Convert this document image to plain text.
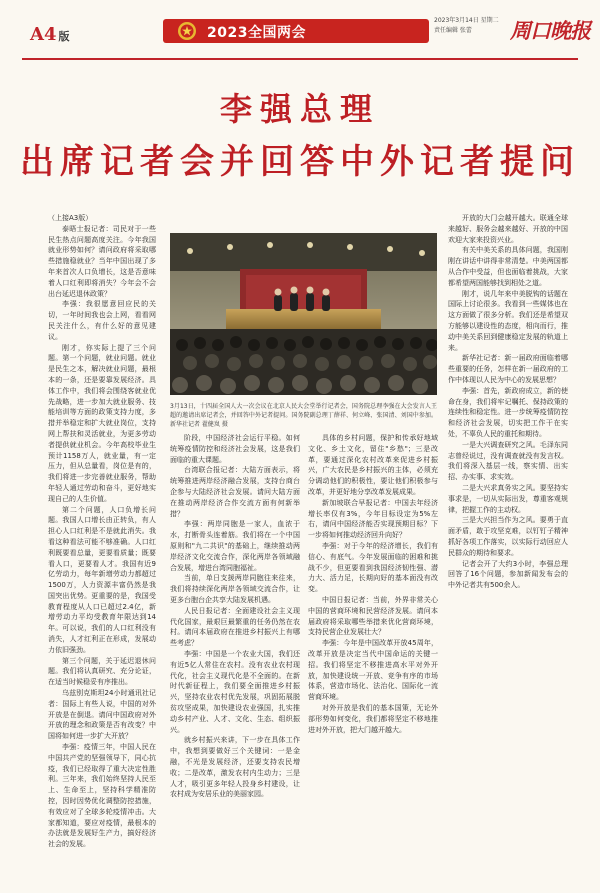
A4 版	2023全国两会
2023年3月14日 星期二
责任编辑 张蕾	周口晚报
李强总理
出席记者会并回答中外记者提问

（上接A3版）

泰晤士报记者：司民对于一些民生热点问题高度关注。今年我国就业形势如何？请问政府将采取哪些措施稳就业？当年中国出现了多年来首次人口负增长，这是否意味着人口红利即将消失？今年会不会出台延迟退休政策？

李强：我很愿意回应民的关切，一年时间我也会上网，看看网民关注什么，有什么好的意见建议。

刚才，你实际上提了三个问题。第一个问题，就业问题。就业是民生之本，解决就业问题，最根本的一条，还是要靠发展经济。具体工作中，我们将会围绕客就业优先战略，进一步加大就业服务、技能培训等方面的政策支持力度，多措并举稳定和扩大就业岗位，支持网上帮扶和灵活就业，为更多劳动者提供就业机会。今年高校毕业生预计1158万人，就业量，有一定压力，但从总量看，岗位是有的，我们将进一步完善就业服务，帮助年轻人通过劳动和奋斗，更好地实现自己的人生价值。

第二个问题，人口负增长问题。我国人口增长由正转负，有人担心人口红利是不是就此消失。我看这种看法可能不够准确。人口红利既要看总量，更要看质量；既要看人口，更要看人才。我国有近9亿劳动力，每年新增劳动力都超过1500万，人力资源丰富仍然是我国突出优势。更重要的是，我国受教育程度从人口已超过2.4亿，新增劳动力平均受教育年限达到14年。可以说，我们的人口红利没有消失，人才红利正在形成，发展动力依旧强劲。

第三个问题，关于延迟退休问题。我们将认真研究、充分论证，在适当时候稳妥有序推出。

乌兹别克斯坦24小时通讯社记者：国际上有些人说，中国的对外开放是在倒退。请问中国政府对外开放的理念和政策是否有改变？中国将如何进一步扩大开放？

李强：疫情三年，中国人民在中国共产党的坚强领导下，同心抗疫，我们已经取得了重大决定性胜利。三年来，我们始终坚持人民至上、生命至上，坚持科学精准防控，因时因势优化调整防控措施，有效应对了全球多轮疫情冲击。大家都知道，要应对疫情，最根本的办法就是发展好生产力，搞好经济社会的发展。

阶段，中国经济社会运行平稳。如何统筹疫情防控和经济社会发展，这是我们面临的重大课题。

台湾联合报记者：大陆方面表示，将统筹推进两岸经济融合发展，支持台商台企参与大陆经济社会发展。请问大陆方面在推动两岸经济合作交流方面有何新举措？

李强：两岸同胞是一家人，血浓于水，打断骨头连着筋。我们将在一个中国原则和"九二共识"的基础上，继续推动两岸经济文化交流合作，深化两岸各领域融合发展，增进台湾同胞福祉。

当前，单日支援两岸同胞往来往来，我们将持续深化两岸各领域交流合作，让更多台胞台企共享大陆发展机遇。

人民日报记者：全面建设社会主义现代化国家，最艰巨最繁重的任务仍然在农村。请问本届政府在推进乡村振兴上有哪些考虑？

李强：中国是一个农业大国，我们还有近5亿人常住在农村。没有农业农村现代化，社会主义现代化是不全面的。在新时代新征程上，我们要全面推进乡村振兴，坚持农业农村优先发展，巩固拓展脱贫攻坚成果，加快建设农业强国，扎实推动乡村产业、人才、文化、生态、组织振兴。

就乡村振兴来讲，下一步在具体工作中，我想到要做好三个关键词：一是金融，不光是发展经济，还要支持农民增收；二是改革，激发农村内生动力；三是人才，吸引更多年轻人投身乡村建设，让农村成为安居乐业的美丽家园。

具体的乡村问题，保护和传承好地域文化、乡土文化，留住"乡愁"；三是改革，要通过深化农村改革来促进乡村振兴，广大农民是乡村振兴的主体，必须充分调动他们的积极性，要让他们积极参与改革，并更好地分享改革发展成果。

新加坡联合早报记者：中国去年经济增长率仅有3%，今年目标设定为5%左右，请问中国经济能否实现预期目标？下一步将如何推动经济回升向好？

李强：对于今年的经济增长，我们有信心、有底气。今年发展面临的困难和挑战不少，但更要看到我国经济韧性强、潜力大、活力足，长期向好的基本面没有改变。

中国日报记者：当前，外界非常关心中国的营商环境和民营经济发展。请问本届政府将采取哪些举措来优化营商环境，支持民营企业发展壮大？

李强：今年是中国改革开放45周年，改革开放是决定当代中国命运的关键一招。我们将坚定不移推进高水平对外开放，加快建设统一开放、竞争有序的市场体系，营造市场化、法治化、国际化一流营商环境。

对外开放是我们的基本国策，无论外部形势如何变化，我们都将坚定不移地推进对外开放，把大门越开越大。

开放的大门会越开越大。联通全球来越好、服务会越来越好、开放的中国欢迎大家来投资兴业。

有关中美关系的具体问题，我国刚刚在讲话中讲得非常清楚。中美两国都从合作中受益，但也面临着挑战，大家都希望两国能够找到相处之道。

刚才，说几年来中美脱钩的话题在国际上讨论很多。我看到一些媒体也在这方面做了很多分析。我们还是希望双方能够以建设性的态度，相向而行，推动中美关系回到健康稳定发展的轨道上来。

新华社记者：新一届政府面临着哪些重要的任务，怎样在新一届政府的工作中体现以人民为中心的发展思想？

李强：首先，新政府成立，新的使命在身，我们将牢记嘱托、保持政策的连续性和稳定性。进一步统筹疫情防控和经济社会发展，切实把工作干在实处，不辜负人民的重托和期待。

一是大兴调查研究之风。毛泽东同志曾经说过，没有调查就没有发言权。我们将深入基层一线，察实情、出实招、办实事、求实效。

二是大兴求真务实之风。要坚持实事求是，一切从实际出发，尊重客观规律，把握工作的主动权。

三是大兴担当作为之风。要勇于直面矛盾，敢于攻坚克难，以钉钉子精神抓好各项工作落实，以实际行动回应人民群众的期待和要求。

记者会开了大约3小时，李强总理回答了16个问题，参加新闻发布会的中外记者共有500余人。

3月13日，十四届全国人大一次会议在北京人民大会堂举行记者会，国务院总理李强在大会发言人王超的邀请出席记者会，并回答中外记者提问。国务院副总理丁薛祥、何立峰、张国清、刘国中参加。新华社记者 翟健岚 摄
